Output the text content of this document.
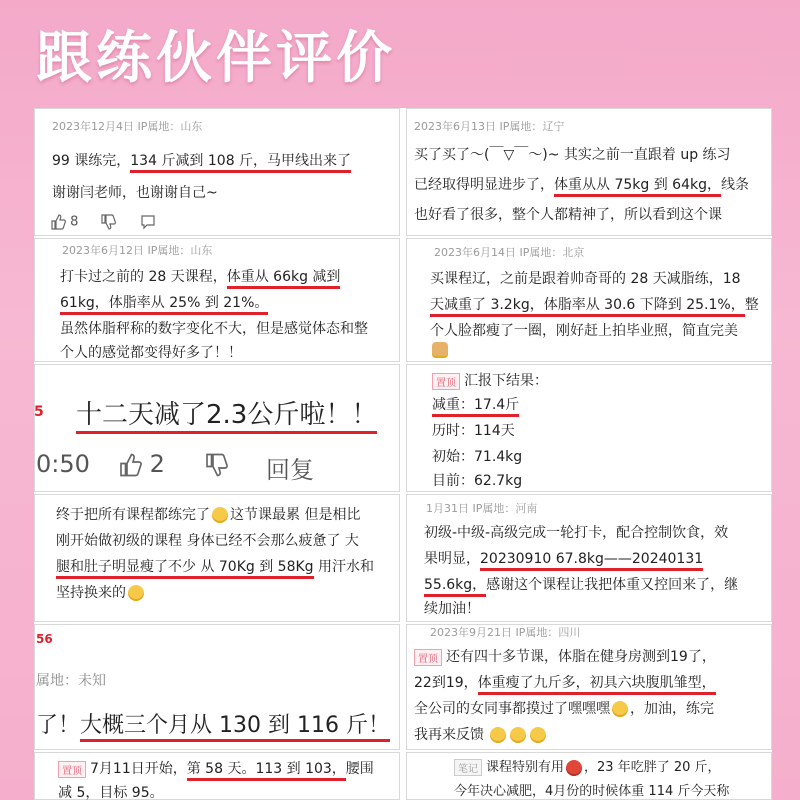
跟练伙伴评价
2023年12月4日 IP属地：山东
99 课练完，134 斤减到 108 斤，马甲线出来了
谢谢闫老师，也谢谢自己~
8
2023年6月13日 IP属地：辽宁
买了买了～(￣▽￣～)~ 其实之前一直跟着 up 练习
已经取得明显进步了，体重从从 75kg 到 64kg，线条
也好看了很多，整个人都精神了，所以看到这个课
2023年6月12日 IP属地：山东
打卡过之前的 28 天课程，体重从 66kg 减到
61kg，体脂率从 25% 到 21%。
虽然体脂秤称的数字变化不大，但是感觉体态和整
个人的感觉都变得好多了！！
2023年6月14日 IP属地：北京
买课程辽，之前是跟着帅奇哥的 28 天减脂练，18
天减重了 3.2kg，体脂率从 30.6 下降到 25.1%，整
个人脸都瘦了一圈，刚好赶上拍毕业照，简直完美
5 十二天减了2.3公斤啦！！
0:50	2	回复
置顶 汇报下结果：
减重：17.4斤
历时：114天
初始：71.4kg
目前：62.7kg
终于把所有课程都练完了 这节课最累 但是相比
刚开始做初级的课程 身体已经不会那么疲惫了 大
腿和肚子明显瘦了不少 从 70Kg 到 58Kg 用汗水和
坚持换来的
1月31日 IP属地：河南
初级-中级-高级完成一轮打卡，配合控制饮食，效
果明显，20230910 67.8kg——20240131
55.6kg，感谢这个课程让我把体重又控回来了，继
续加油！
56
属地：未知
了！大概三个月从 130 到 116 斤！
2023年9月21日 IP属地：四川
置顶 还有四十多节课，体脂在健身房测到19了，
22到19，体重瘦了九斤多，初具六块腹肌雏型，
全公司的女同事都摸过了嘿嘿嘿 ，加油，练完
我再来反馈
置顶 7月11日开始，第 58 天。113 到 103，腰围
减 5，目标 95。
笔记 课程特别有用 ，23 年吃胖了 20 斤，
今年决心减肥，4月份的时候体重 114 斤今天称
